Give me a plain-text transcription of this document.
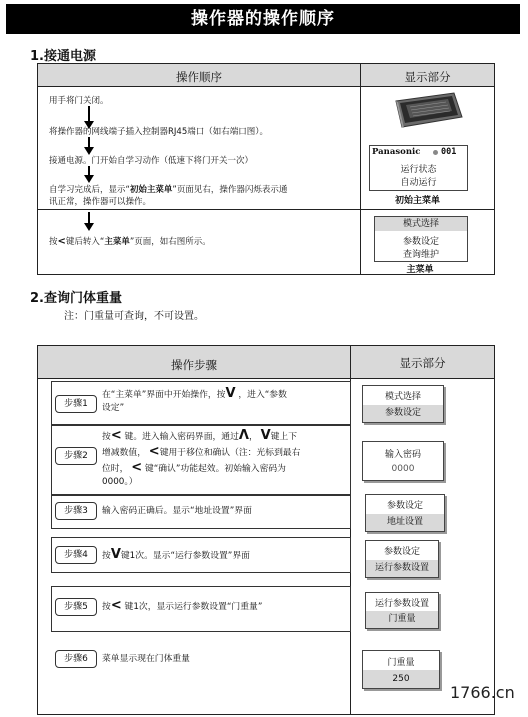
操作器的操作顺序
1.接通电源
操作顺序	显示部分
用手将门关闭。
将操作器的网线端子插入控制器RJ45端口（如右端口图）。
接通电源。门开始自学习动作（低速下将门开关一次）
自学习完成后，显示“初始主菜单”页面见右，操作器闪烁表示通
讯正常，操作器可以操作。
按<键后转入“主菜单”页面，如右图所示。
Panasonic 001
运行状态
自动运行
初始主菜单
模式选择
参数设定
查询维护
主菜单
2.查询门体重量
注：门重量可查询，不可设置。
操作步骤	显示部分
步骤1
步骤2
步骤3
步骤4
步骤5
步骤6
在“主菜单”界面中开始操作，按V ，进入“参数
设定”
按< 键。进入输入密码界面，通过Λ， V键上下
增减数值， <键用于移位和确认（注：光标到最右
位时， < 键“确认”功能起效。初始输入密码为
0000。）
输入密码正确后。显示“地址设置”界面
按V键1次。显示“运行参数设置”界面
按< 键1次，显示运行参数设置“门重量”
菜单显示现在门体重量
模式选择
参数设定
输入密码
0000
参数设定
地址设置
参数设定
运行参数设置
运行参数设置
门重量
门重量
250
1766.cn
